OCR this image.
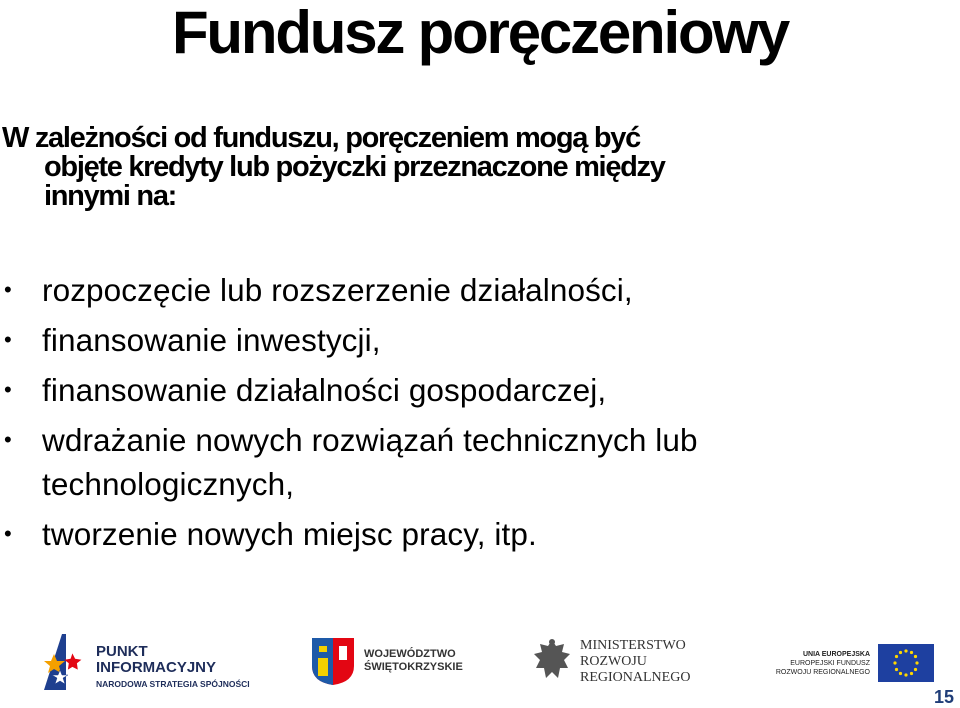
Fundusz poręczeniowy

W zależności od funduszu, poręczeniem mogą być
objęte kredyty lub pożyczki przeznaczone między
innymi na:

• rozpoczęcie lub rozszerzenie działalności,
• finansowanie inwestycji,
• finansowanie działalności gospodarczej,
• wdrażanie nowych rozwiązań technicznych lub technologicznych,
• tworzenie nowych miejsc pracy, itp.
PUNKT
INFORMACYJNY
NARODOWA STRATEGIA SPÓJNOŚCI
WOJEWÓDZTWO
ŚWIĘTOKRZYSKIE
MINISTERSTWO
ROZWOJU
REGIONALNEGO
UNIA EUROPEJSKA
EUROPEJSKI FUNDUSZ
ROZWOJU REGIONALNEGO
15
